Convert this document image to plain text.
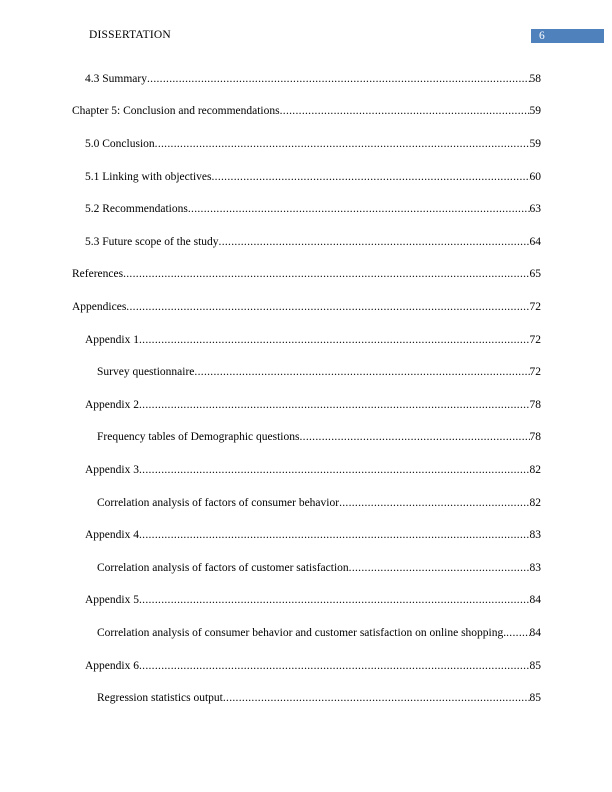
DISSERTATION	6
4.3 Summary .....	58
Chapter 5: Conclusion and recommendations .....	59
5.0 Conclusion .....	59
5.1 Linking with objectives .....	60
5.2 Recommendations .....	63
5.3 Future scope of the study .....	64
References .....	65
Appendices .....	72
Appendix 1 .....	72
Survey questionnaire .....	72
Appendix 2 .....	78
Frequency tables of Demographic questions .....	78
Appendix 3 .....	82
Correlation analysis of factors of consumer behavior .....	82
Appendix 4 .....	83
Correlation analysis of factors of customer satisfaction .....	83
Appendix 5 .....	84
Correlation analysis of consumer behavior and customer satisfaction on online shopping. ..... 84
Appendix 6 .....	85
Regression statistics output .....	85
